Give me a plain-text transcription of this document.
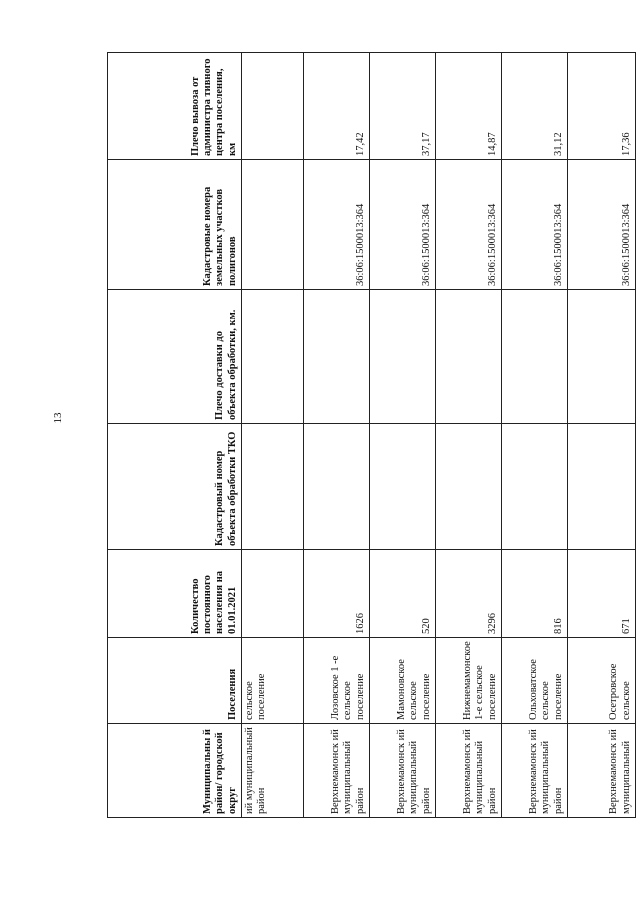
13
Муниципальны й район/ городской округ	Поселения	Количество постоянного населения на 01.01.2021	Кадастровый номер объекта обработки ТКО	Плечо доставки до объекта обработки, км.	Кадастровые номера земельных участков полигонов	Плечо вывоза от администра тивного центра поселения, км
ий муниципальный район	сельское поселение					
Верхнемамонск ий муниципальный район	Лозовское 1 -е сельское поселение	1626			36:06:1500013:364	17,42
Верхнемамонск ий муниципальный район	Мамоновское сельское поселение	520			36:06:1500013:364	37,17
Верхнемамонск ий муниципальный район	Нижнемамонское 1-е сельское поселение	3296			36:06:1500013:364	14,87
Верхнемамонск ий муниципальный район	Ольховатское сельское поселение	816			36:06:1500013:364	31,12
Верхнемамонск ий муниципальный	Осетровское сельское	671			36:06:1500013:364	17,36
